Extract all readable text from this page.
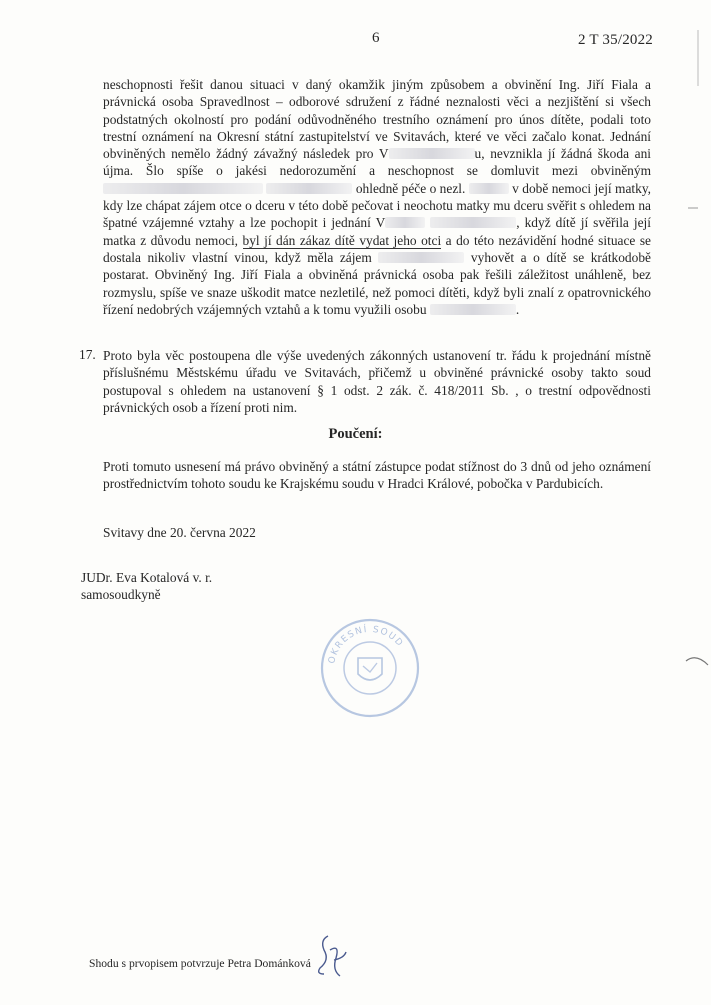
6	2 T 35/2022
neschopnosti řešit danou situaci v daný okamžik jiným způsobem a obvinění Ing. Jiří Fiala a právnická osoba Spravedlnost – odborové sdružení z řádné neznalosti věci a nezjištění si všech podstatných okolností pro podání odůvodněného trestního oznámení pro únos dítěte, podali toto trestní oznámení na Okresní státní zastupitelství ve Svitavách, které ve věci začalo konat. Jednání obviněných nemělo žádný závažný následek pro V	u, nevznikla jí žádná škoda ani újma. Šlo spíše o jakési nedorozumění a neschopnost se domluvit mezi obviněným   ohledně péče o nezl.	v době nemoci její matky, kdy lze chápat zájem otce o dceru v této době pečovat i neochotu matky mu dceru svěřit s ohledem na špatné vzájemné vztahy a lze pochopit i jednání V	, když dítě jí svěřila její matka z důvodu nemoci, byl jí dán zákaz dítě vydat jeho otci a do této nezávidění hodné situace se dostala nikoliv vlastní vinou, když měla zájem	vyhovět a o dítě se krátkodobě postarat. Obviněný Ing. Jiří Fiala a obviněná právnická osoba pak řešili záležitost unáhleně, bez rozmyslu, spíše ve snaze uškodit matce nezletilé, než pomoci dítěti, když byli znalí z opatrovnického řízení nedobrých vzájemných vztahů a k tomu využili osobu	.
17. Proto byla věc postoupena dle výše uvedených zákonných ustanovení tr. řádu k projednání místně příslušnému Městskému úřadu ve Svitavách, přičemž u obviněné právnické osoby takto soud postupoval s ohledem na ustanovení § 1 odst. 2 zák. č. 418/2011 Sb. , o trestní odpovědnosti právnických osob a řízení proti nim.
Poučení:
Proti tomuto usnesení má právo obviněný a státní zástupce podat stížnost do 3 dnů od jeho oznámení prostřednictvím tohoto soudu ke Krajskému soudu v Hradci Králové, pobočka v Pardubicích.
Svitavy dne 20. června 2022
JUDr. Eva Kotalová v. r.
samosoudkyně
OKRESNÍ SOUD
Shodu s prvopisem potvrzuje Petra Dománková
